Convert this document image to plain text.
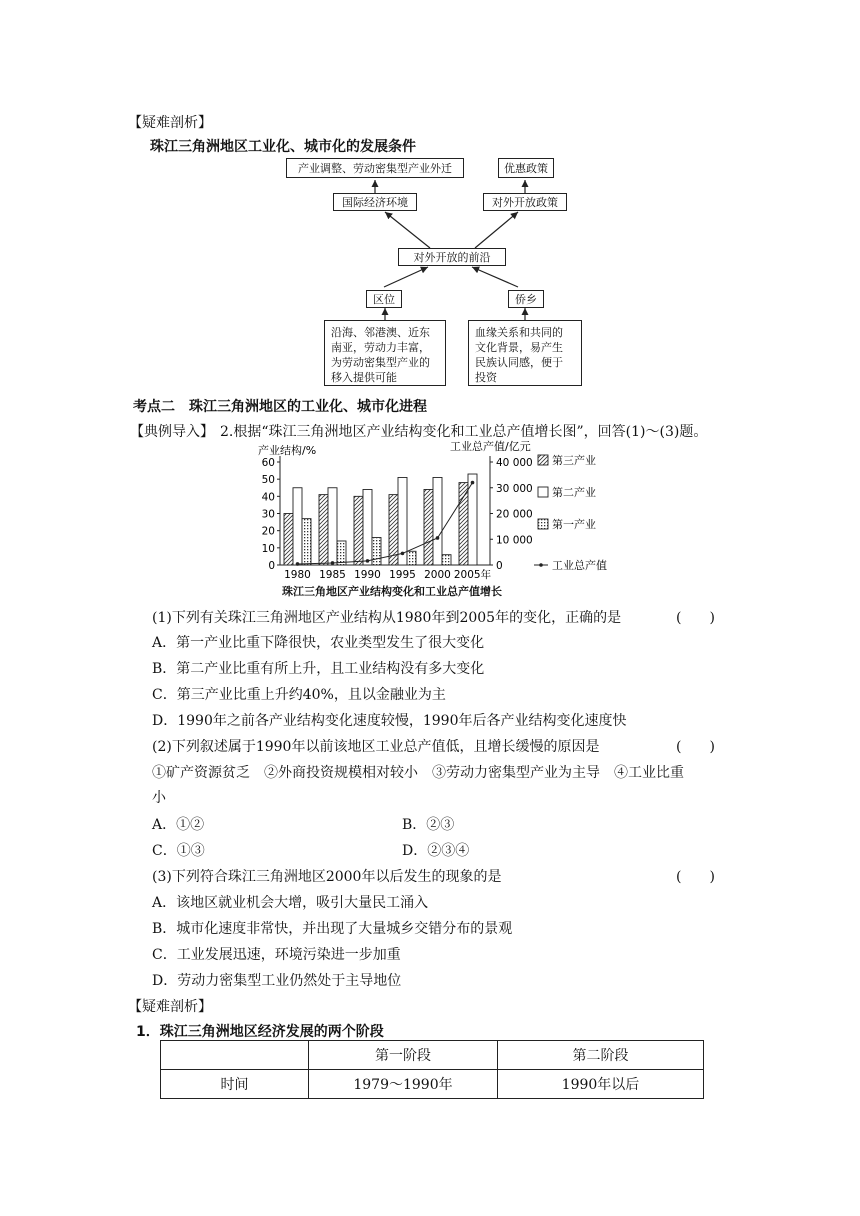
【疑难剖析】
珠江三角洲地区工业化、城市化的发展条件
产业调整、劳动密集型产业外迁	优惠政策
国际经济环境	对外开放政策
对外开放的前沿
区位	侨乡
沿海、邻港澳、近东
南亚，劳动力丰富，
为劳动密集型产业的
移入提供可能
血缘关系和共同的
文化背景，易产生
民族认同感，便于
投资
考点二　珠江三角洲地区的工业化、城市化进程
【典例导入】 2.根据“珠江三角洲地区产业结构变化和工业总产值增长图”，回答(1)～(3)题。
产业结构/%	工业总产值/亿元
0
10
20
30
40
50
60
0
10 000
20 000
30 000
40 000
1980 1985 1990 1995 2000 2005年
第三产业
第二产业
第一产业
工业总产值
珠江三角地区产业结构变化和工业总产值增长
(1)下列有关珠江三角洲地区产业结构从1980年到2005年的变化，正确的是	(　　)
A．第一产业比重下降很快，农业类型发生了很大变化
B．第二产业比重有所上升，且工业结构没有多大变化
C．第三产业比重上升约40%，且以金融业为主
D．1990年之前各产业结构变化速度较慢，1990年后各产业结构变化速度快
(2)下列叙述属于1990年以前该地区工业总产值低，且增长缓慢的原因是	(　　)
①矿产资源贫乏　②外商投资规模相对较小　③劳动力密集型产业为主导　④工业比重
小
A．①②	B．②③
C．①③	D．②③④
(3)下列符合珠江三角洲地区2000年以后发生的现象的是	(　　)
A．该地区就业机会大增，吸引大量民工涌入
B．城市化速度非常快，并出现了大量城乡交错分布的景观
C．工业发展迅速，环境污染进一步加重
D．劳动力密集型工业仍然处于主导地位
【疑难剖析】
1．珠江三角洲地区经济发展的两个阶段
	第一阶段	第二阶段
时间	1979～1990年	1990年以后
